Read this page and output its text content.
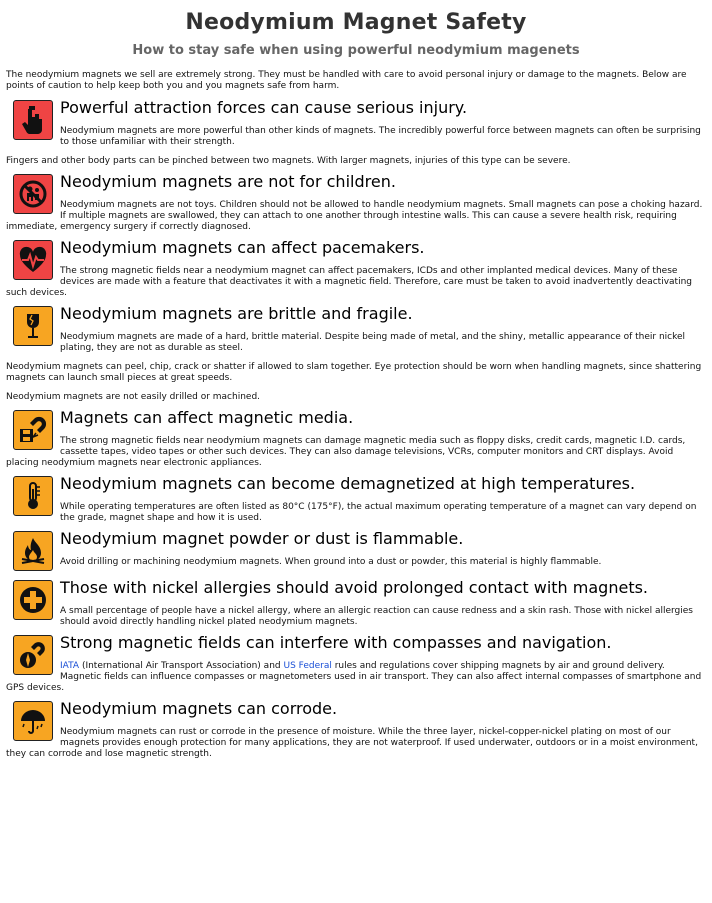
Neodymium Magnet Safety
How to stay safe when using powerful neodymium magenets

The neodymium magnets we sell are extremely strong. They must be handled with care to avoid personal injury or damage to the magnets. Below are points of caution to help keep both you and you magnets safe from harm.

Powerful attraction forces can cause serious injury.

Neodymium magnets are more powerful than other kinds of magnets. The incredibly powerful force between magnets can often be surprising to those unfamiliar with their strength.

Fingers and other body parts can be pinched between two magnets. With larger magnets, injuries of this type can be severe.

Neodymium magnets are not for children.

Neodymium magnets are not toys. Children should not be allowed to handle neodymium magnets. Small magnets can pose a choking hazard. If multiple magnets are swallowed, they can attach to one another through intestine walls. This can cause a severe health risk, requiring immediate, emergency surgery if correctly diagnosed.

Neodymium magnets can affect pacemakers.

The strong magnetic fields near a neodymium magnet can affect pacemakers, ICDs and other implanted medical devices. Many of these devices are made with a feature that deactivates it with a magnetic field. Therefore, care must be taken to avoid inadvertently deactivating such devices.

Neodymium magnets are brittle and fragile.

Neodymium magnets are made of a hard, brittle material. Despite being made of metal, and the shiny, metallic appearance of their nickel plating, they are not as durable as steel.

Neodymium magnets can peel, chip, crack or shatter if allowed to slam together. Eye protection should be worn when handling magnets, since shattering magnets can launch small pieces at great speeds.

Neodymium magnets are not easily drilled or machined.

Magnets can affect magnetic media.

The strong magnetic fields near neodymium magnets can damage magnetic media such as floppy disks, credit cards, magnetic I.D. cards, cassette tapes, video tapes or other such devices. They can also damage televisions, VCRs, computer monitors and CRT displays. Avoid placing neodymium magnets near electronic appliances.

Neodymium magnets can become demagnetized at high temperatures.

While operating temperatures are often listed as 80°C (175°F), the actual maximum operating temperature of a magnet can vary depend on the grade, magnet shape and how it is used.

Neodymium magnet powder or dust is flammable.

Avoid drilling or machining neodymium magnets. When ground into a dust or powder, this material is highly flammable.

Those with nickel allergies should avoid prolonged contact with magnets.

A small percentage of people have a nickel allergy, where an allergic reaction can cause redness and a skin rash. Those with nickel allergies should avoid directly handling nickel plated neodymium magnets.

Strong magnetic fields can interfere with compasses and navigation.

IATA (International Air Transport Association) and US Federal rules and regulations cover shipping magnets by air and ground delivery. Magnetic fields can influence compasses or magnetometers used in air transport. They can also affect internal compasses of smartphone and GPS devices.

Neodymium magnets can corrode.

Neodymium magnets can rust or corrode in the presence of moisture. While the three layer, nickel-copper-nickel plating on most of our magnets provides enough protection for many applications, they are not waterproof. If used underwater, outdoors or in a moist environment, they can corrode and lose magnetic strength.
